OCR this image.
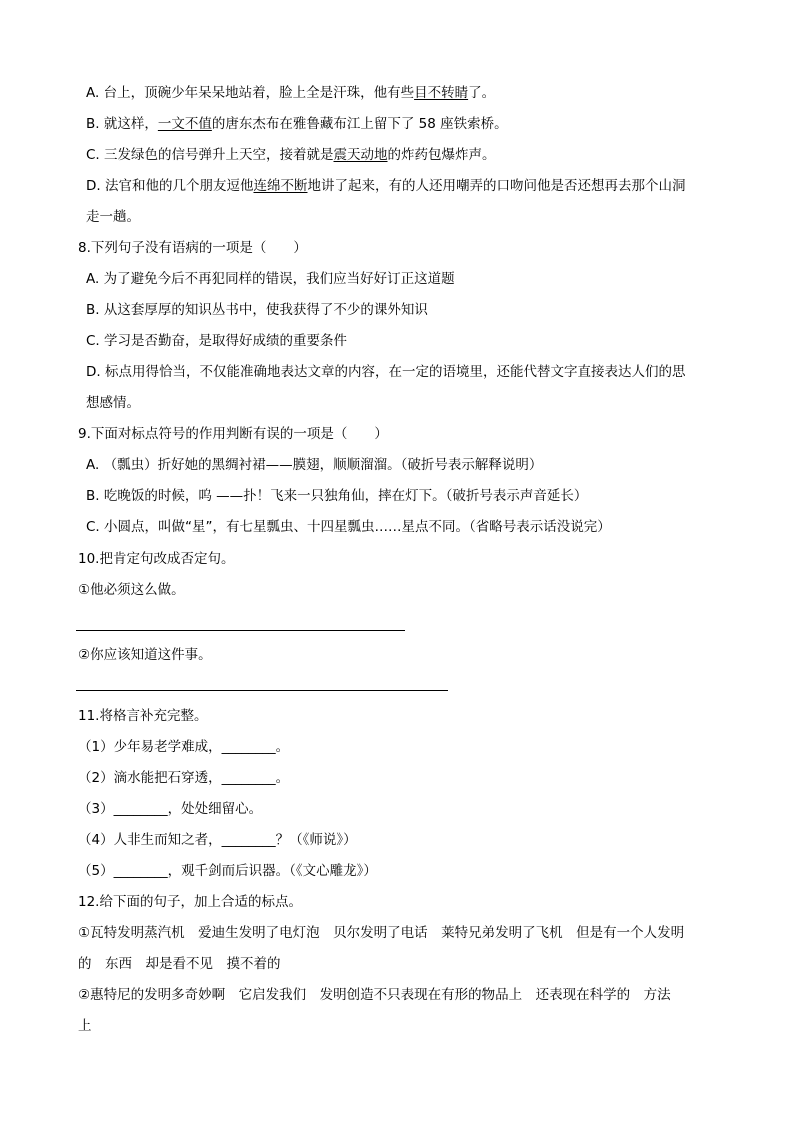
A. 台上，顶碗少年呆呆地站着，脸上全是汗珠，他有些目不转睛了。
B. 就这样，一文不值的唐东杰布在雅鲁藏布江上留下了 58 座铁索桥。
C. 三发绿色的信号弹升上天空，接着就是震天动地的炸药包爆炸声。
D. 法官和他的几个朋友逗他连绵不断地讲了起来，有的人还用嘲弄的口吻问他是否还想再去那个山洞
走一趟。
8.下列句子没有语病的一项是（　　）
A. 为了避免今后不再犯同样的错误，我们应当好好订正这道题
B. 从这套厚厚的知识丛书中，使我获得了不少的课外知识
C. 学习是否勤奋，是取得好成绩的重要条件
D. 标点用得恰当，不仅能准确地表达文章的内容，在一定的语境里，还能代替文字直接表达人们的思
想感情。
9.下面对标点符号的作用判断有误的一项是（　　）
A. （瓢虫）折好她的黑绸衬裙——膜翅，顺顺溜溜。（破折号表示解释说明）
B. 吃晚饭的时候，呜 ——扑！飞来一只独角仙，摔在灯下。（破折号表示声音延长）
C. 小圆点，叫做“星”，有七星瓢虫、十四星瓢虫……星点不同。（省略号表示话没说完）
10.把肯定句改成否定句。
①他必须这么做。
②你应该知道这件事。
11.将格言补充完整。
（1）少年易老学难成，________。
（2）滴水能把石穿透，________。
（3）________，处处细留心。
（4）人非生而知之者，________？（《师说》）
（5）________，观千剑而后识器。（《文心雕龙》）
12.给下面的句子，加上合适的标点。
①瓦特发明蒸汽机　爱迪生发明了电灯泡　贝尔发明了电话　莱特兄弟发明了飞机　但是有一个人发明
的　东西　却是看不见　摸不着的
②惠特尼的发明多奇妙啊　它启发我们　发明创造不只表现在有形的物品上　还表现在科学的　方法
上
